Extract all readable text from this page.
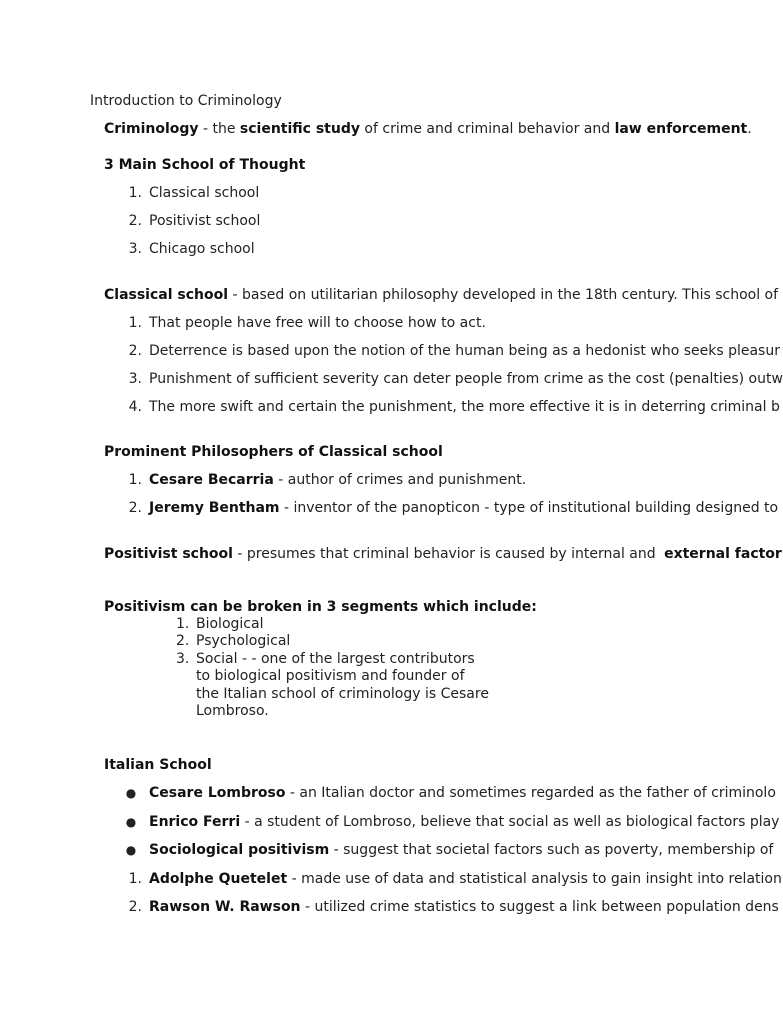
Introduction to Criminology
Criminology - the scientific study of crime and criminal behavior and law enforcement.
3 Main School of Thought
1. Classical school
2. Positivist school
3. Chicago school
Classical school - based on utilitarian philosophy developed in the 18th century. This school of
1. That people have free will to choose how to act.
2. Deterrence is based upon the notion of the human being as a hedonist who seeks pleasur
3. Punishment of sufficient severity can deter people from crime as the cost (penalties) outw
4. The more swift and certain the punishment, the more effective it is in deterring criminal b
Prominent Philosophers of Classical school
1. Cesare Becarria - author of crimes and punishment.
2. Jeremy Bentham - inventor of the panopticon - type of institutional building designed to
Positivist school - presumes that criminal behavior is caused by internal and external factor
Positivism can be broken in 3 segments which include:
1. Biological
2. Psychological
3. Social - - one of the largest contributors
to biological positivism and founder of
the Italian school of criminology is Cesare
Lombroso.
Italian School
● Cesare Lombroso - an Italian doctor and sometimes regarded as the father of criminolo
● Enrico Ferri - a student of Lombroso, believe that social as well as biological factors play
● Sociological positivism - suggest that societal factors such as poverty, membership of
1. Adolphe Quetelet - made use of data and statistical analysis to gain insight into relation
2. Rawson W. Rawson - utilized crime statistics to suggest a link between population dens
